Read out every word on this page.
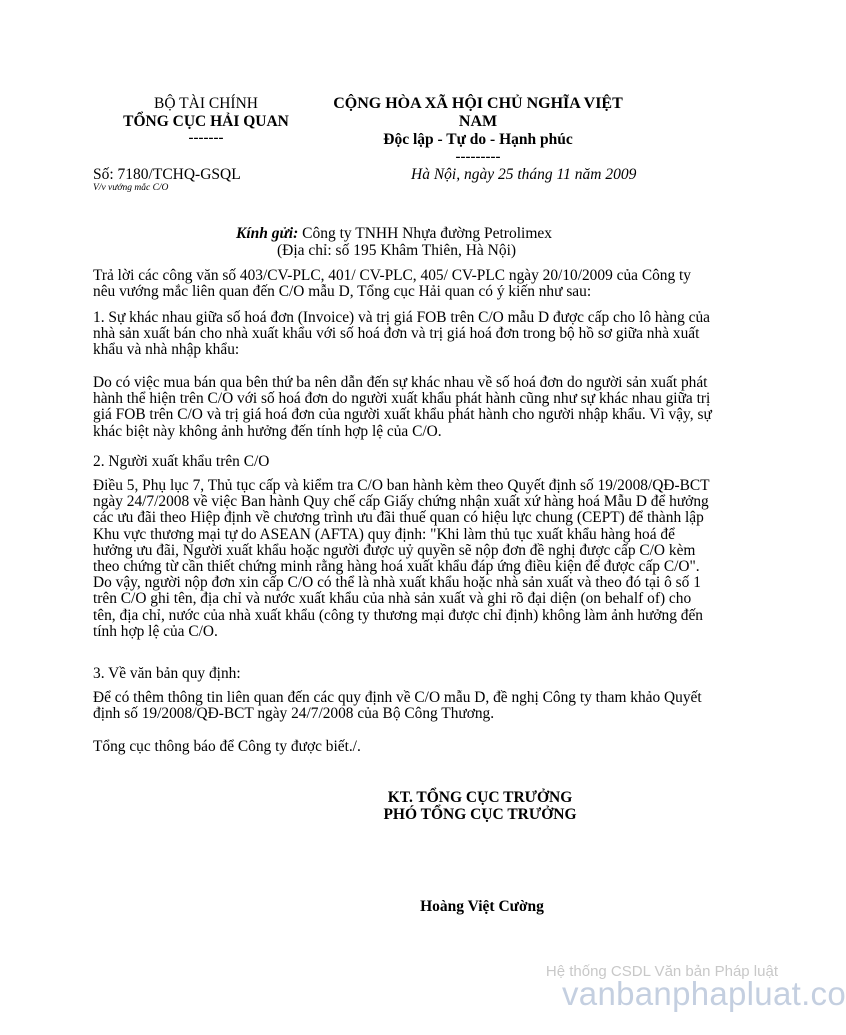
BỘ TÀI CHÍNH
TỔNG CỤC HẢI QUAN
-------
CỘNG HÒA XÃ HỘI CHỦ NGHĨA VIỆT NAM
Độc lập - Tự do - Hạnh phúc
---------
Số: 7180/TCHQ-GSQL
V/v vướng mắc C/O
Hà Nội, ngày 25 tháng 11 năm 2009
Kính gửi: Công ty TNHH Nhựa đường Petrolimex
(Địa chỉ: số 195 Khâm Thiên, Hà Nội)
Trả lời các công văn số 403/CV-PLC, 401/ CV-PLC, 405/ CV-PLC ngày 20/10/2009 của Công ty nêu vướng mắc liên quan đến C/O mẫu D, Tổng cục Hải quan có ý kiến như sau:
1. Sự khác nhau giữa số hoá đơn (Invoice) và trị giá FOB trên C/O mẫu D được cấp cho lô hàng của nhà sản xuất bán cho nhà xuất khẩu với số hoá đơn và trị giá hoá đơn trong bộ hồ sơ giữa nhà xuất khẩu và nhà nhập khẩu:
Do có việc mua bán qua bên thứ ba nên dẫn đến sự khác nhau về số hoá đơn do người sản xuất phát hành thể hiện trên C/O với số hoá đơn do người xuất khẩu phát hành cũng như sự khác nhau giữa trị giá FOB trên C/O và trị giá hoá đơn của người xuất khẩu phát hành cho người nhập khẩu. Vì vậy, sự khác biệt này không ảnh hưởng đến tính hợp lệ của C/O.
2. Người xuất khẩu trên C/O
Điều 5, Phụ lục 7, Thủ tục cấp và kiểm tra C/O ban hành kèm theo Quyết định số 19/2008/QĐ-BCT ngày 24/7/2008 về việc Ban hành Quy chế cấp Giấy chứng nhận xuất xứ hàng hoá Mẫu D để hưởng các ưu đãi theo Hiệp định về chương trình ưu đãi thuế quan có hiệu lực chung (CEPT) để thành lập Khu vực thương mại tự do ASEAN (AFTA) quy định: "Khi làm thủ tục xuất khẩu hàng hoá để hưởng ưu đãi, Người xuất khẩu hoặc người được uỷ quyền sẽ nộp đơn đề nghị được cấp C/O kèm theo chứng từ cần thiết chứng minh rằng hàng hoá xuất khẩu đáp ứng điều kiện để được cấp C/O". Do vậy, người nộp đơn xin cấp C/O có thể là nhà xuất khẩu hoặc nhà sản xuất và theo đó tại ô số 1 trên C/O ghi tên, địa chỉ và nước xuất khẩu của nhà sản xuất và ghi rõ đại diện (on behalf of) cho tên, địa chỉ, nước của nhà xuất khẩu (công ty thương mại được chỉ định) không làm ảnh hưởng đến tính hợp lệ của C/O.
3. Về văn bản quy định:
Để có thêm thông tin liên quan đến các quy định về C/O mẫu D, đề nghị Công ty tham khảo Quyết định số 19/2008/QĐ-BCT ngày 24/7/2008 của Bộ Công Thương.
Tổng cục thông báo để Công ty được biết./.
KT. TỔNG CỤC TRƯỞNG
PHÓ TỔNG CỤC TRƯỞNG
Hoàng Việt Cường
Hệ thống CSDL Văn bản Pháp luật
vanbanphapluat.co
